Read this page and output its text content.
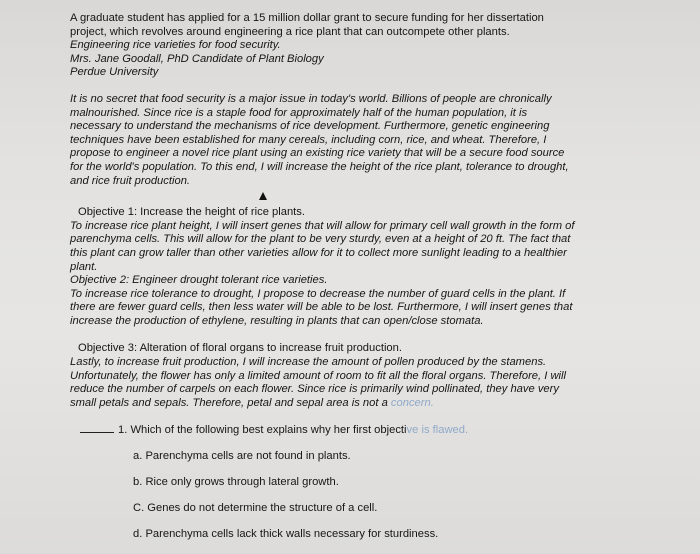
A graduate student has applied for a 15 million dollar grant to secure funding for her dissertation
project, which revolves around engineering a rice plant that can outcompete other plants.
Engineering rice varieties for food security.
Mrs. Jane Goodall, PhD Candidate of Plant Biology
Perdue University
It is no secret that food security is a major issue in today's world. Billions of people are chronically
malnourished. Since rice is a staple food for approximately half of the human population, it is
necessary to understand the mechanisms of rice development. Furthermore, genetic engineering
techniques have been established for many cereals, including corn, rice, and wheat. Therefore, I
propose to engineer a novel rice plant using an existing rice variety that will be a secure food source
for the world's population. To this end, I will increase the height of the rice plant, tolerance to drought,
and rice fruit production.
Objective 1: Increase the height of rice plants.
To increase rice plant height, I will insert genes that will allow for primary cell wall growth in the form of
parenchyma cells. This will allow for the plant to be very sturdy, even at a height of 20 ft. The fact that
this plant can grow taller than other varieties allow for it to collect more sunlight leading to a healthier
plant.
Objective 2: Engineer drought tolerant rice varieties.
To increase rice tolerance to drought, I propose to decrease the number of guard cells in the plant. If
there are fewer guard cells, then less water will be able to be lost. Furthermore, I will insert genes that
increase the production of ethylene, resulting in plants that can open/close stomata.
Objective 3: Alteration of floral organs to increase fruit production.
Lastly, to increase fruit production, I will increase the amount of pollen produced by the stamens.
Unfortunately, the flower has only a limited amount of room to fit all the floral organs. Therefore, I will
reduce the number of carpels on each flower. Since rice is primarily wind pollinated, they have very
small petals and sepals. Therefore, petal and sepal area is not a concern.
1. Which of the following best explains why her first objective is flawed.
a. Parenchyma cells are not found in plants.
b. Rice only grows through lateral growth.
C. Genes do not determine the structure of a cell.
d. Parenchyma cells lack thick walls necessary for sturdiness.
